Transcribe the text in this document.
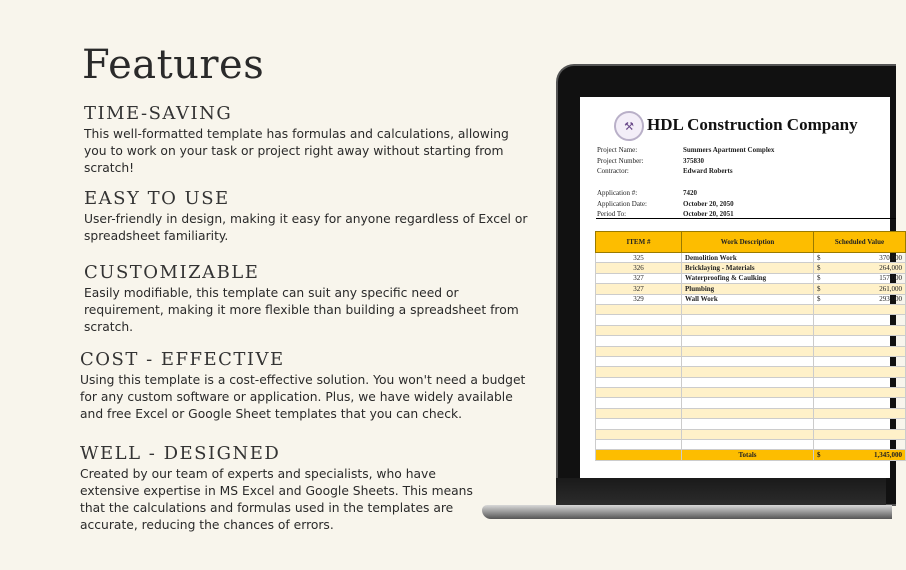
Features
TIME-SAVING

This well-formatted template has formulas and calculations, allowing you to work on your task or project right away without starting from scratch!

EASY TO USE

User-friendly in design, making it easy for anyone regardless of Excel or spreadsheet familiarity.

CUSTOMIZABLE

Easily modifiable, this template can suit any specific need or requirement, making it more flexible than building a spreadsheet from scratch.

COST - EFFECTIVE

Using this template is a cost-effective solution. You won't need a budget for any custom software or application. Plus, we have widely available and free Excel or Google Sheet templates that you can check.

WELL - DESIGNED

Created by our team of experts and specialists, who have extensive expertise in MS Excel and Google Sheets. This means that the calculations and formulas used in the templates are accurate, reducing the chances of errors.

⚒ HDL Construction Company
Project Name:	Summers Apartment Complex
Project Number:	375830
Contractor:	Edward Roberts
Application #:	7420
Application Date:	October 20, 2050
Period To:	October 20, 2051
ITEM #	Work Description	Scheduled Value
325	Demolition Work	$ 370,000

326	Bricklaying - Materials	$ 264,000

327	Waterproofing & Caulking	$ 157,000

327	Plumbing	$ 261,000

329	Wall Work	$ 293,000

	Totals	$ 1,345,000
